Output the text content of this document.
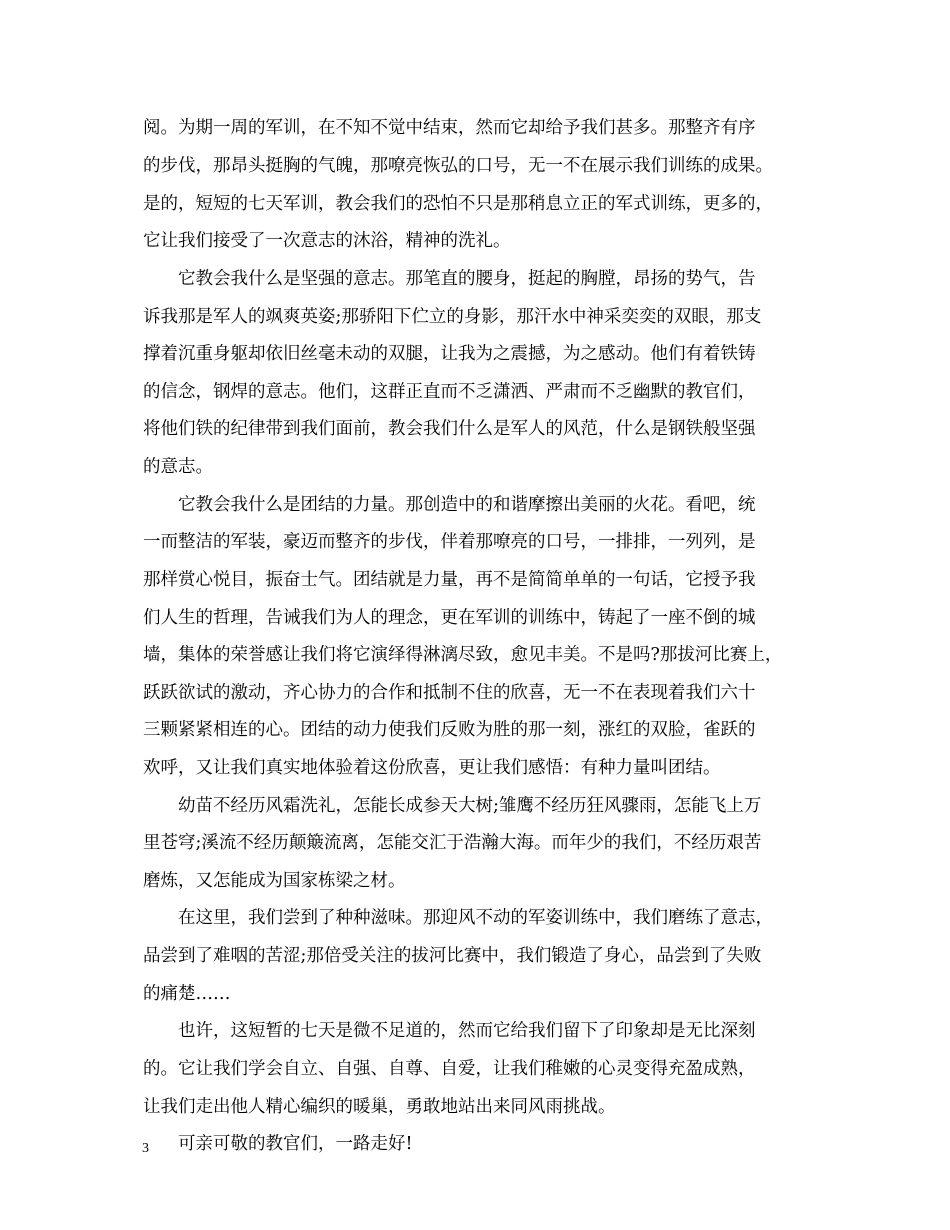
阅。为期一周的军训，在不知不觉中结束，然而它却给予我们甚多。那整齐有序
的步伐，那昂头挺胸的气魄，那嘹亮恢弘的口号，无一不在展示我们训练的成果。
是的，短短的七天军训，教会我们的恐怕不只是那稍息立正的军式训练，更多的，
它让我们接受了一次意志的沐浴，精神的洗礼。
它教会我什么是坚强的意志。那笔直的腰身，挺起的胸膛，昂扬的势气，告
诉我那是军人的飒爽英姿;那骄阳下伫立的身影，那汗水中神采奕奕的双眼，那支
撑着沉重身躯却依旧丝毫未动的双腿，让我为之震撼，为之感动。他们有着铁铸
的信念，钢焊的意志。他们，这群正直而不乏潇洒、严肃而不乏幽默的教官们，
将他们铁的纪律带到我们面前，教会我们什么是军人的风范，什么是钢铁般坚强
的意志。
它教会我什么是团结的力量。那创造中的和谐摩擦出美丽的火花。看吧，统
一而整洁的军装，豪迈而整齐的步伐，伴着那嘹亮的口号，一排排，一列列，是
那样赏心悦目，振奋士气。团结就是力量，再不是简简单单的一句话，它授予我
们人生的哲理，告诫我们为人的理念，更在军训的训练中，铸起了一座不倒的城
墙，集体的荣誉感让我们将它演绎得淋漓尽致，愈见丰美。不是吗?那拔河比赛上，
跃跃欲试的激动，齐心协力的合作和抵制不住的欣喜，无一不在表现着我们六十
三颗紧紧相连的心。团结的动力使我们反败为胜的那一刻，涨红的双脸，雀跃的
欢呼，又让我们真实地体验着这份欣喜，更让我们感悟：有种力量叫团结。
幼苗不经历风霜洗礼，怎能长成参天大树;雏鹰不经历狂风骤雨，怎能飞上万
里苍穹;溪流不经历颠簸流离，怎能交汇于浩瀚大海。而年少的我们，不经历艰苦
磨炼，又怎能成为国家栋梁之材。
在这里，我们尝到了种种滋味。那迎风不动的军姿训练中，我们磨练了意志，
品尝到了难咽的苦涩;那倍受关注的拔河比赛中，我们锻造了身心，品尝到了失败
的痛楚……
也许，这短暂的七天是微不足道的，然而它给我们留下了印象却是无比深刻
的。它让我们学会自立、自强、自尊、自爱，让我们稚嫩的心灵变得充盈成熟，
让我们走出他人精心编织的暖巢，勇敢地站出来同风雨挑战。
可亲可敬的教官们，一路走好!
3
